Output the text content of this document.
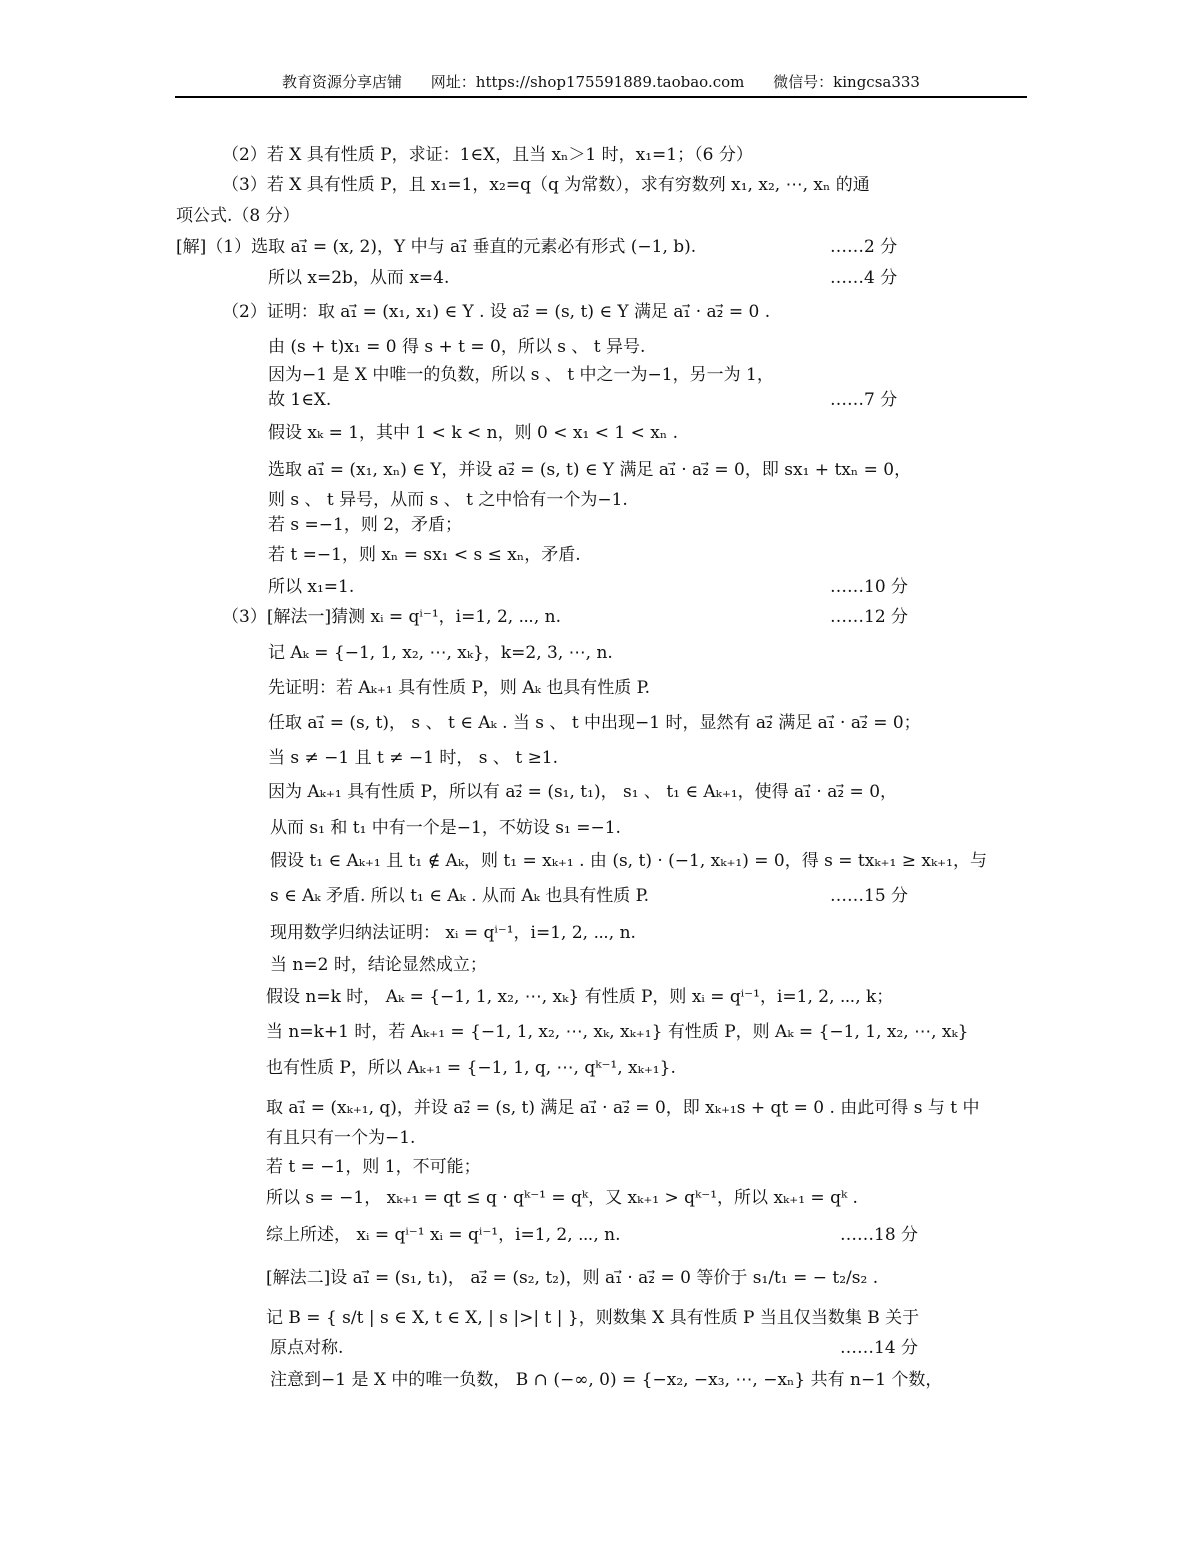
教育资源分享店铺 网址：https://shop175591889.taobao.com 微信号：kingcsa333
（2）若 X 具有性质 P，求证：1∈X，且当 xₙ＞1 时，x₁=1；（6 分）
（3）若 X 具有性质 P，且 x₁=1，x₂=q（q 为常数），求有穷数列 x₁, x₂, ⋯, xₙ 的通
项公式.（8 分）
[解]（1）选取 a₁⃗ = (x, 2)，Y 中与 a₁⃗ 垂直的元素必有形式 (−1, b).	……2 分
所以 x=2b，从而 x=4.	……4 分
（2）证明：取 a₁⃗ = (x₁, x₁) ∈ Y . 设 a₂⃗ = (s, t) ∈ Y 满足 a₁⃗ · a₂⃗ = 0 .
由 (s + t)x₁ = 0 得 s + t = 0，所以 s 、 t 异号.
因为−1 是 X 中唯一的负数，所以 s 、 t 中之一为−1，另一为 1，
故 1∈X.	……7 分
假设 xₖ = 1，其中 1 < k < n，则 0 < x₁ < 1 < xₙ .
选取 a₁⃗ = (x₁, xₙ) ∈ Y，并设 a₂⃗ = (s, t) ∈ Y 满足 a₁⃗ · a₂⃗ = 0，即 sx₁ + txₙ = 0，
则 s 、 t 异号，从而 s 、 t 之中恰有一个为−1.
若 s =−1，则 2，矛盾；
若 t =−1，则 xₙ = sx₁ < s ≤ xₙ，矛盾.
所以 x₁=1.	……10 分
（3）[解法一]猜测 xᵢ = qⁱ⁻¹，i=1, 2, ⋯, n.	……12 分
记 Aₖ = {−1, 1, x₂, ⋯, xₖ}，k=2, 3, ⋯, n.
先证明：若 Aₖ₊₁ 具有性质 P，则 Aₖ 也具有性质 P.
任取 a₁⃗ = (s, t)， s 、 t ∈ Aₖ . 当 s 、 t 中出现−1 时，显然有 a₂⃗ 满足 a₁⃗ · a₂⃗ = 0；
当 s ≠ −1 且 t ≠ −1 时， s 、 t ≥1.
因为 Aₖ₊₁ 具有性质 P，所以有 a₂⃗ = (s₁, t₁)， s₁ 、 t₁ ∈ Aₖ₊₁，使得 a₁⃗ · a₂⃗ = 0，
从而 s₁ 和 t₁ 中有一个是−1，不妨设 s₁ =−1.
假设 t₁ ∈ Aₖ₊₁ 且 t₁ ∉ Aₖ，则 t₁ = xₖ₊₁ . 由 (s, t) · (−1, xₖ₊₁) = 0，得 s = txₖ₊₁ ≥ xₖ₊₁，与
s ∈ Aₖ 矛盾. 所以 t₁ ∈ Aₖ . 从而 Aₖ 也具有性质 P.	……15 分
现用数学归纳法证明： xᵢ = qⁱ⁻¹，i=1, 2, ⋯, n.
当 n=2 时，结论显然成立；
假设 n=k 时， Aₖ = {−1, 1, x₂, ⋯, xₖ} 有性质 P，则 xᵢ = qⁱ⁻¹，i=1, 2, ⋯, k；
当 n=k+1 时，若 Aₖ₊₁ = {−1, 1, x₂, ⋯, xₖ, xₖ₊₁} 有性质 P，则 Aₖ = {−1, 1, x₂, ⋯, xₖ}
也有性质 P，所以 Aₖ₊₁ = {−1, 1, q, ⋯, qᵏ⁻¹, xₖ₊₁}.
取 a₁⃗ = (xₖ₊₁, q)，并设 a₂⃗ = (s, t) 满足 a₁⃗ · a₂⃗ = 0，即 xₖ₊₁s + qt = 0 . 由此可得 s 与 t 中
有且只有一个为−1.
若 t = −1，则 1，不可能；
所以 s = −1， xₖ₊₁ = qt ≤ q · qᵏ⁻¹ = qᵏ，又 xₖ₊₁ > qᵏ⁻¹，所以 xₖ₊₁ = qᵏ .
综上所述， xᵢ = qⁱ⁻¹ xᵢ = qⁱ⁻¹，i=1, 2, ⋯, n.	……18 分
[解法二]设 a₁⃗ = (s₁, t₁)， a₂⃗ = (s₂, t₂)，则 a₁⃗ · a₂⃗ = 0 等价于 s₁/t₁ = − t₂/s₂ .
记 B = { s/t | s ∈ X, t ∈ X, | s |>| t | }，则数集 X 具有性质 P 当且仅当数集 B 关于
原点对称.	……14 分
注意到−1 是 X 中的唯一负数， B ∩ (−∞, 0) = {−x₂, −x₃, ⋯, −xₙ} 共有 n−1 个数，
